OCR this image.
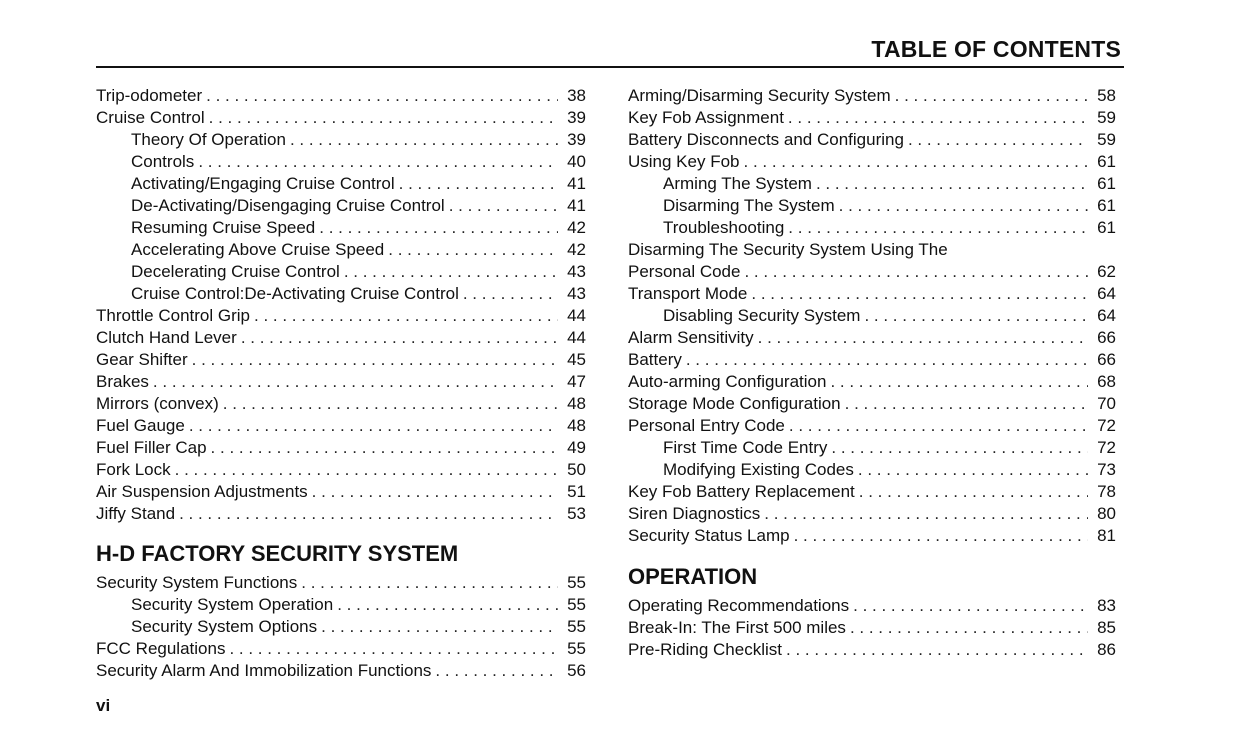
TABLE OF CONTENTS
Trip-odometer . . .	38
Cruise Control . . .	39
Theory Of Operation . . .	39
Controls . . .	40
Activating/Engaging Cruise Control . . .	41
De-Activating/Disengaging Cruise Control . . .	41
Resuming Cruise Speed . . .	42
Accelerating Above Cruise Speed . . .	42
Decelerating Cruise Control . . .	43
Cruise Control:De-Activating Cruise Control . . .	43
Throttle Control Grip . . .	44
Clutch Hand Lever . . .	44
Gear Shifter . . .	45
Brakes . . .	47
Mirrors (convex) . . .	48
Fuel Gauge . . .	48
Fuel Filler Cap . . .	49
Fork Lock . . .	50
Air Suspension Adjustments . . .	51
Jiffy Stand . . .	53
Arming/Disarming Security System . . .	58
Key Fob Assignment . . .	59
Battery Disconnects and Configuring . . .	59
Using Key Fob . . .	61
Arming The System . . .	61
Disarming The System . . .	61
Troubleshooting . . .	61
Disarming The Security System Using The
Personal Code . . .	62
Transport Mode . . .	64
Disabling Security System . . .	64
Alarm Sensitivity . . .	66
Battery . . .	66
Auto-arming Configuration . . .	68
Storage Mode Configuration . . .	70
Personal Entry Code . . .	72
First Time Code Entry . . .	72
Modifying Existing Codes . . .	73
Key Fob Battery Replacement . . .	78
Siren Diagnostics . . .	80
Security Status Lamp . . .	81
H-D FACTORY SECURITY SYSTEM
Security System Functions . . .	55
Security System Operation . . .	55
Security System Options . . .	55
FCC Regulations . . .	55
Security Alarm And Immobilization Functions . . .	56
OPERATION
Operating Recommendations . . .	83
Break-In: The First 500 miles . . .	85
Pre-Riding Checklist . . .	86
vi
